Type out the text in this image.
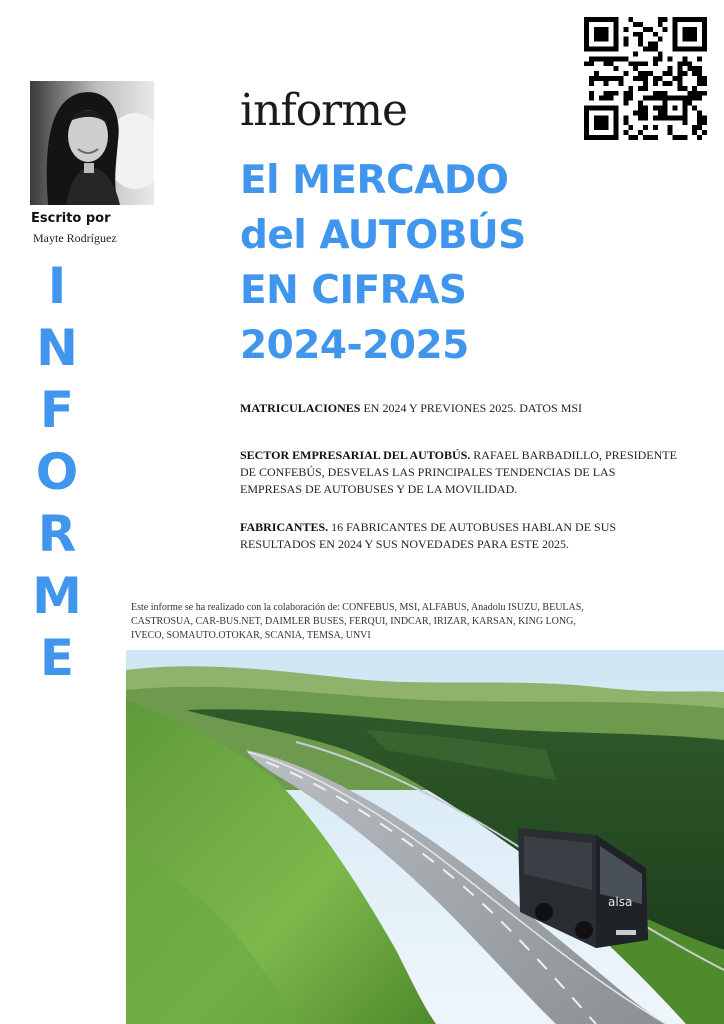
Escrito por
Mayte Rodríguez
I
N
F
O
R
M
E
informe
El MERCADO
del AUTOBÚS
EN CIFRAS
2024-2025

MATRICULACIONES EN 2024 Y PREVIONES 2025. DATOS MSI

SECTOR EMPRESARIAL DEL AUTOBÚS. RAFAEL BARBADILLO, PRESIDENTE DE CONFEBÚS, DESVELAS LAS PRINCIPALES TENDENCIAS DE LAS EMPRESAS DE AUTOBUSES Y DE LA MOVILIDAD.

FABRICANTES. 16 FABRICANTES DE AUTOBUSES HABLAN DE SUS RESULTADOS EN 2024 Y SUS NOVEDADES PARA ESTE 2025.

Este informe se ha realizado con la colaboración de: CONFEBUS, MSI, ALFABUS, Anadolu ISUZU, BEULAS, CASTROSUA, CAR-BUS.NET, DAIMLER BUSES, FERQUI, INDCAR, IRIZAR, KARSAN, KING LONG, IVECO, SOMAUTO.OTOKAR, SCANIA, TEMSA, UNVI
alsa
